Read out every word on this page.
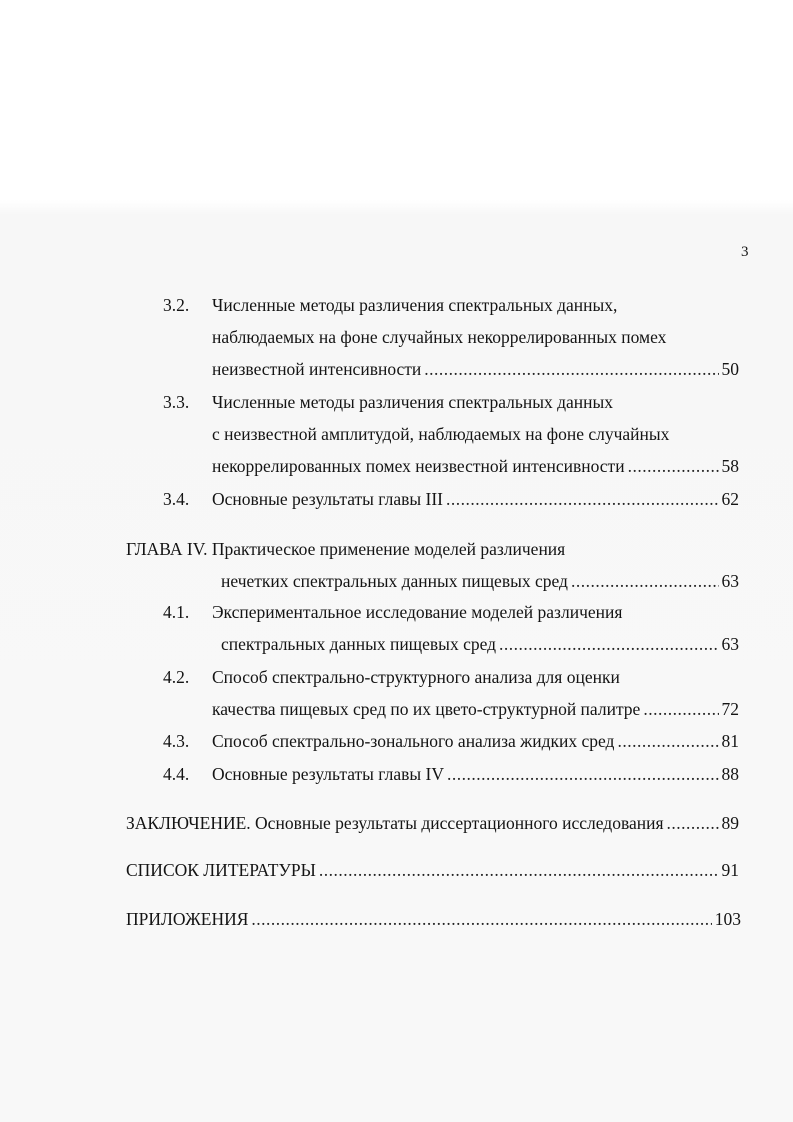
3
3.2. Численные методы различения спектральных данных,
наблюдаемых на фоне случайных некоррелированных помех
неизвестной интенсивности .....	50
3.3. Численные методы различения спектральных данных
с неизвестной амплитудой, наблюдаемых на фоне случайных
некоррелированных помех неизвестной интенсивности .....	58
3.4. Основные результаты главы III .....	62
ГЛАВА IV. Практическое применение моделей различения
нечетких спектральных данных пищевых сред .....	63
4.1. Экспериментальное исследование моделей различения
спектральных данных пищевых сред .....	63
4.2. Способ спектрально-структурного анализа для оценки
качества пищевых сред по их цвето-структурной палитре .....	72
4.3. Способ спектрально-зонального анализа жидких сред .....	81
4.4. Основные результаты главы IV .....	88
ЗАКЛЮЧЕНИЕ. Основные результаты диссертационного исследования .....	89
СПИСОК ЛИТЕРАТУРЫ .....	91
ПРИЛОЖЕНИЯ .....	103
